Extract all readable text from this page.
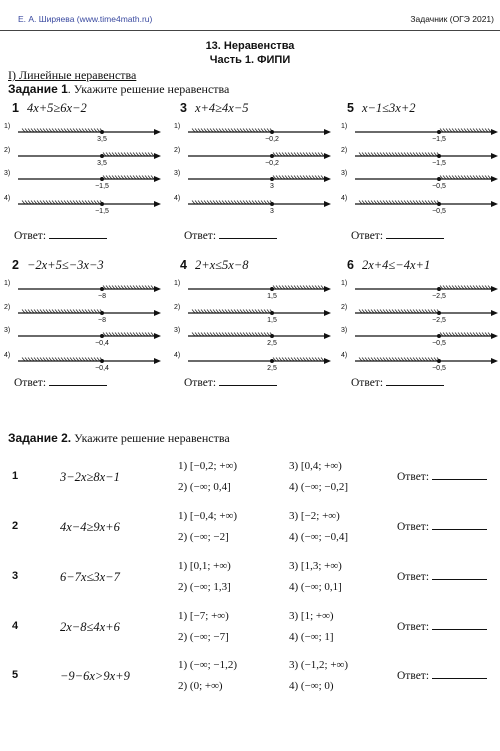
Е. А. Ширяева (www.time4math.ru)	Задачник (ОГЭ 2021)
13. Неравенства
Часть 1. ФИПИ
I) Линейные неравенства
Задание 1. Укажите решение неравенства
1 4x+5≥6x−2
1)
3,5
2)
3,5
3)
−1,5
4)
−1,5
Ответ:
3 x+4≥4x−5
1)
−0,2
2)
−0,2
3)
3
4)
3
Ответ:
5 x−1≤3x+2
1)
−1,5
2)
−1,5
3)
−0,5
4)
−0,5
Ответ:
2 −2x+5≤−3x−3
1)
−8
2)
−8
3)
−0,4
4)
−0,4
Ответ:
4 2+x≤5x−8
1)
1,5
2)
1,5
3)
2,5
4)
2,5
Ответ:
6 2x+4≤−4x+1
1)
−2,5
2)
−2,5
3)
−0,5
4)
−0,5
Ответ:
Задание 2. Укажите решение неравенства
1	3−2x≥8x−1
1) [−0,2; +∞)
2) (−∞; 0,4]
3) [0,4; +∞)
4) (−∞; −0,2]
Ответ:
2	4x−4≥9x+6
1) [−0,4; +∞)
2) (−∞; −2]
3) [−2; +∞)
4) (−∞; −0,4]
Ответ:
3	6−7x≤3x−7
1) [0,1; +∞)
2) (−∞; 1,3]
3) [1,3; +∞)
4) (−∞; 0,1]
Ответ:
4	2x−8≤4x+6
1) [−7; +∞)
2) (−∞; −7]
3) [1; +∞)
4) (−∞; 1]
Ответ:
5	−9−6x>9x+9
1) (−∞; −1,2)
2) (0; +∞)
3) (−1,2; +∞)
4) (−∞; 0)
Ответ:
